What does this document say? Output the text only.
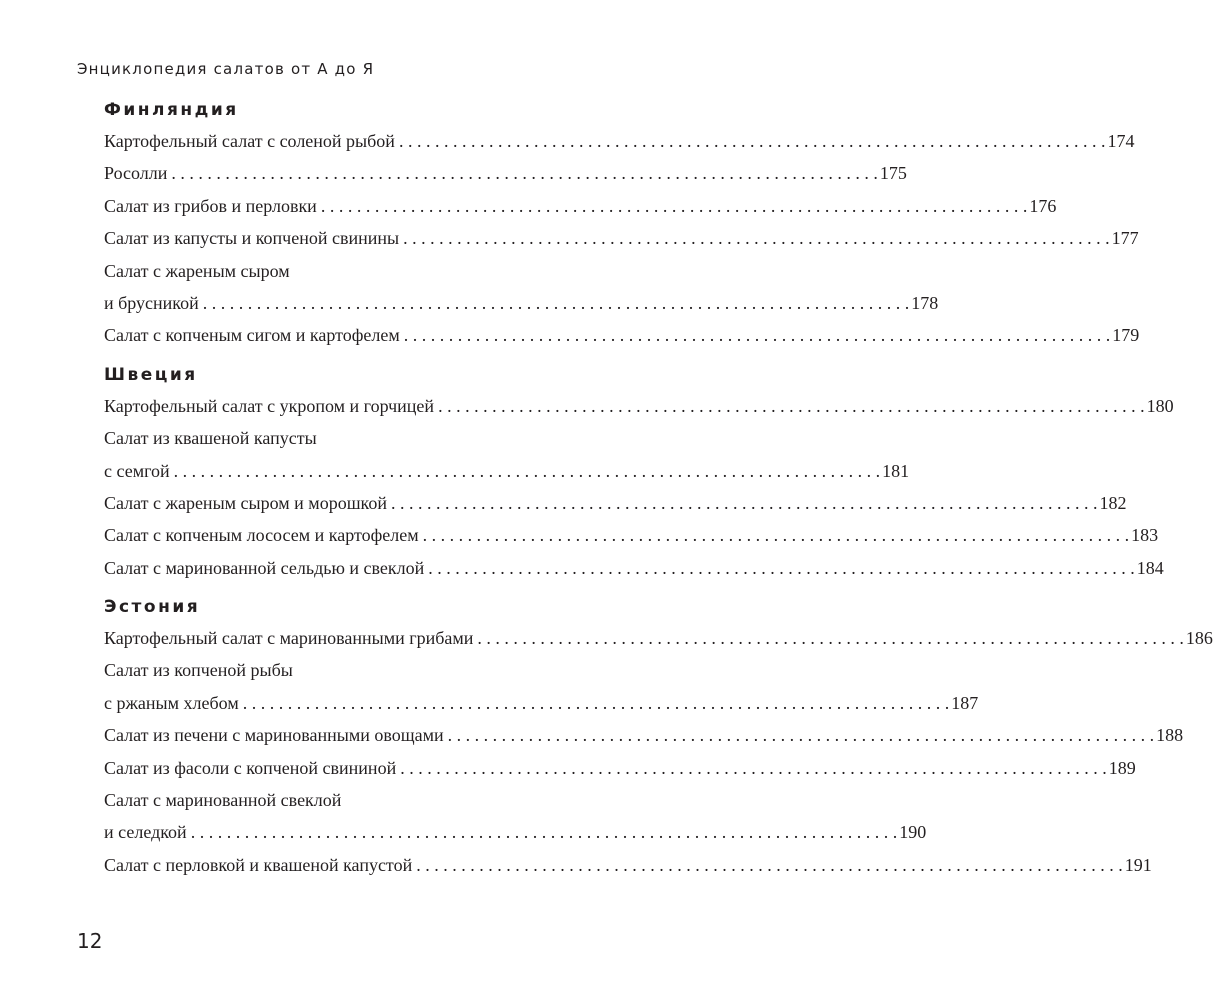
Энциклопедия салатов от А до Я
Финляндия
Картофельный салат с соленой рыбой . . .	174
Росолли . . .	175
Салат из грибов и перловки . . .	176
Салат из капусты и копченой свинины . . .	177
Салат с жареным сыром
и брусникой . . .	178
Салат с копченым сигом и картофелем . . .	179
Швеция
Картофельный салат с укропом и горчицей . . .	180
Салат из квашеной капусты
с семгой . . .	181
Салат с жареным сыром и морошкой . . .	182
Салат с копченым лососем и картофелем . . .	183
Салат с маринованной сельдью и свеклой . . .	184
Эстония
Картофельный салат с маринованными грибами . . .	186
Салат из копченой рыбы
с ржаным хлебом . . .	187
Салат из печени с маринованными овощами . . .	188
Салат из фасоли с копченой свининой . . .	189
Салат с маринованной свеклой
и селедкой . . .	190
Салат с перловкой и квашеной капустой . . .	191
12
